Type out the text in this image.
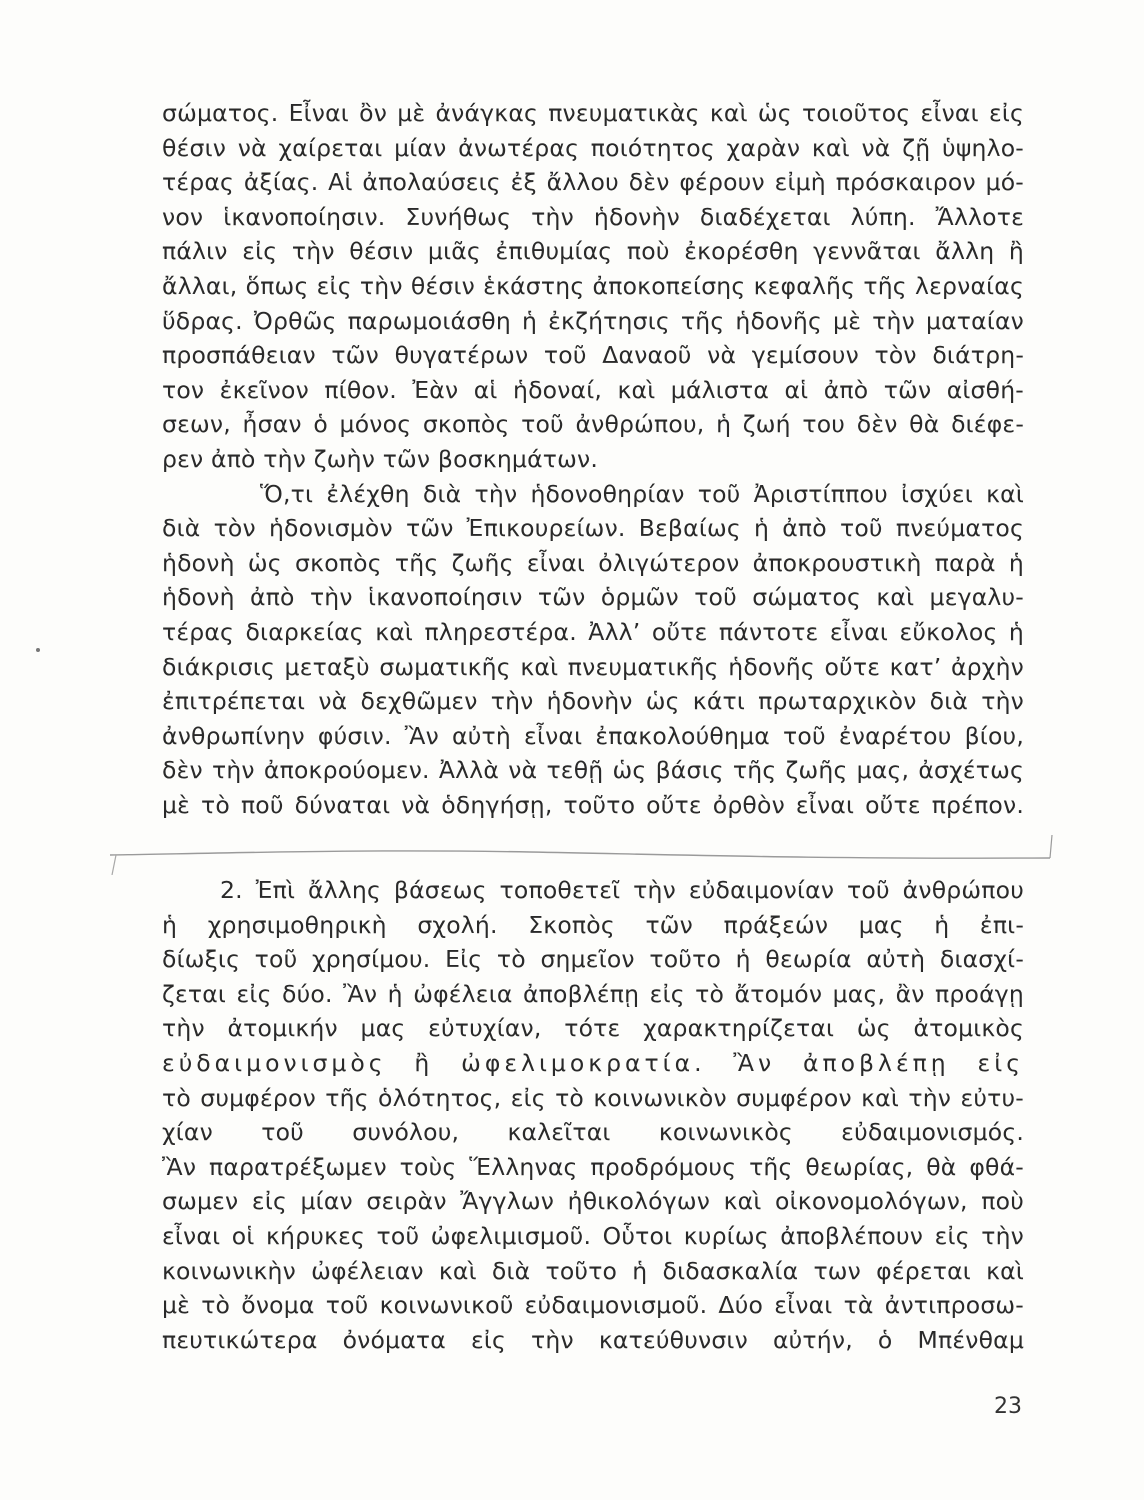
σώματος. Εἶναι ὂν μὲ ἀνάγκας πνευματικὰς καὶ ὡς τοιοῦτος εἶναι εἰς
θέσιν νὰ χαίρεται μίαν ἀνωτέρας ποιότητος χαρὰν καὶ νὰ ζῇ ὑψηλο-
τέρας ἀξίας. Αἱ ἀπολαύσεις ἐξ ἄλλου δὲν φέρουν εἰμὴ πρόσκαιρον μό-
νον ἱκανοποίησιν. Συνήθως τὴν ἡδονὴν διαδέχεται λύπη. Ἄλλοτε
πάλιν εἰς τὴν θέσιν μιᾶς ἐπιθυμίας ποὺ ἐκορέσθη γεννᾶται ἄλλη ἢ
ἄλλαι, ὅπως εἰς τὴν θέσιν ἑκάστης ἀποκοπείσης κεφαλῆς τῆς λερναίας
ὕδρας. Ὀρθῶς παρωμοιάσθη ἡ ἐκζήτησις τῆς ἡδονῆς μὲ τὴν ματαίαν
προσπάθειαν τῶν θυγατέρων τοῦ Δαναοῦ νὰ γεμίσουν τὸν διάτρη-
τον ἐκεῖνον πίθον. Ἐὰν αἱ ἡδοναί, καὶ μάλιστα αἱ ἀπὸ τῶν αἰσθή-
σεων, ἦσαν ὁ μόνος σκοπὸς τοῦ ἀνθρώπου, ἡ ζωή του δὲν θὰ διέφε-
ρεν ἀπὸ τὴν ζωὴν τῶν βοσκημάτων.
Ὅ,τι ἐλέχθη διὰ τὴν ἡδονοθηρίαν τοῦ Ἀριστίππου ἰσχύει καὶ
διὰ τὸν ἡδονισμὸν τῶν Ἐπικουρείων. Βεβαίως ἡ ἀπὸ τοῦ πνεύματος
ἡδονὴ ὡς σκοπὸς τῆς ζωῆς εἶναι ὀλιγώτερον ἀποκρουστικὴ παρὰ ἡ
ἡδονὴ ἀπὸ τὴν ἱκανοποίησιν τῶν ὁρμῶν τοῦ σώματος καὶ μεγαλυ-
τέρας διαρκείας καὶ πληρεστέρα. Ἀλλ’ οὔτε πάντοτε εἶναι εὔκολος ἡ
διάκρισις μεταξὺ σωματικῆς καὶ πνευματικῆς ἡδονῆς οὔτε κατ’ ἀρχὴν
ἐπιτρέπεται νὰ δεχθῶμεν τὴν ἡδονὴν ὡς κάτι πρωταρχικὸν διὰ τὴν
ἀνθρωπίνην φύσιν. Ἂν αὐτὴ εἶναι ἐπακολούθημα τοῦ ἐναρέτου βίου,
δὲν τὴν ἀποκρούομεν. Ἀλλὰ νὰ τεθῇ ὡς βάσις τῆς ζωῆς μας, ἀσχέτως
μὲ τὸ ποῦ δύναται νὰ ὁδηγήσῃ, τοῦτο οὔτε ὀρθὸν εἶναι οὔτε πρέπον.
2. Ἐπὶ ἄλλης βάσεως τοποθετεῖ τὴν εὐδαιμονίαν τοῦ ἀνθρώπου
ἡ χρησιμοθηρικὴ σχολή. Σκοπὸς τῶν πράξεών μας ἡ ἐπι-
δίωξις τοῦ χρησίμου. Εἰς τὸ σημεῖον τοῦτο ἡ θεωρία αὐτὴ διασχί-
ζεται εἰς δύο. Ἂν ἡ ὠφέλεια ἀποβλέπῃ εἰς τὸ ἄτομόν μας, ἂν προάγῃ
τὴν ἀτομικήν μας εὐτυχίαν, τότε χαρακτηρίζεται ὡς ἀτομικὸς
εὐδαιμονισμὸς ἢ ὠφελιμοκρατία. Ἂν ἀποβλέπῃ εἰς
τὸ συμφέρον τῆς ὁλότητος, εἰς τὸ κοινωνικὸν συμφέρον καὶ τὴν εὐτυ-
χίαν τοῦ συνόλου, καλεῖται κοινωνικὸς εὐδαιμονισμός.
Ἂν παρατρέξωμεν τοὺς Ἕλληνας προδρόμους τῆς θεωρίας, θὰ φθά-
σωμεν εἰς μίαν σειρὰν Ἄγγλων ἠθικολόγων καὶ οἰκονομολόγων, ποὺ
εἶναι οἱ κήρυκες τοῦ ὠφελιμισμοῦ. Οὗτοι κυρίως ἀποβλέπουν εἰς τὴν
κοινωνικὴν ὠφέλειαν καὶ διὰ τοῦτο ἡ διδασκαλία των φέρεται καὶ
μὲ τὸ ὄνομα τοῦ κοινωνικοῦ εὐδαιμονισμοῦ. Δύο εἶναι τὰ ἀντιπροσω-
πευτικώτερα ὀνόματα εἰς τὴν κατεύθυνσιν αὐτήν, ὁ Μπένθαμ
23
